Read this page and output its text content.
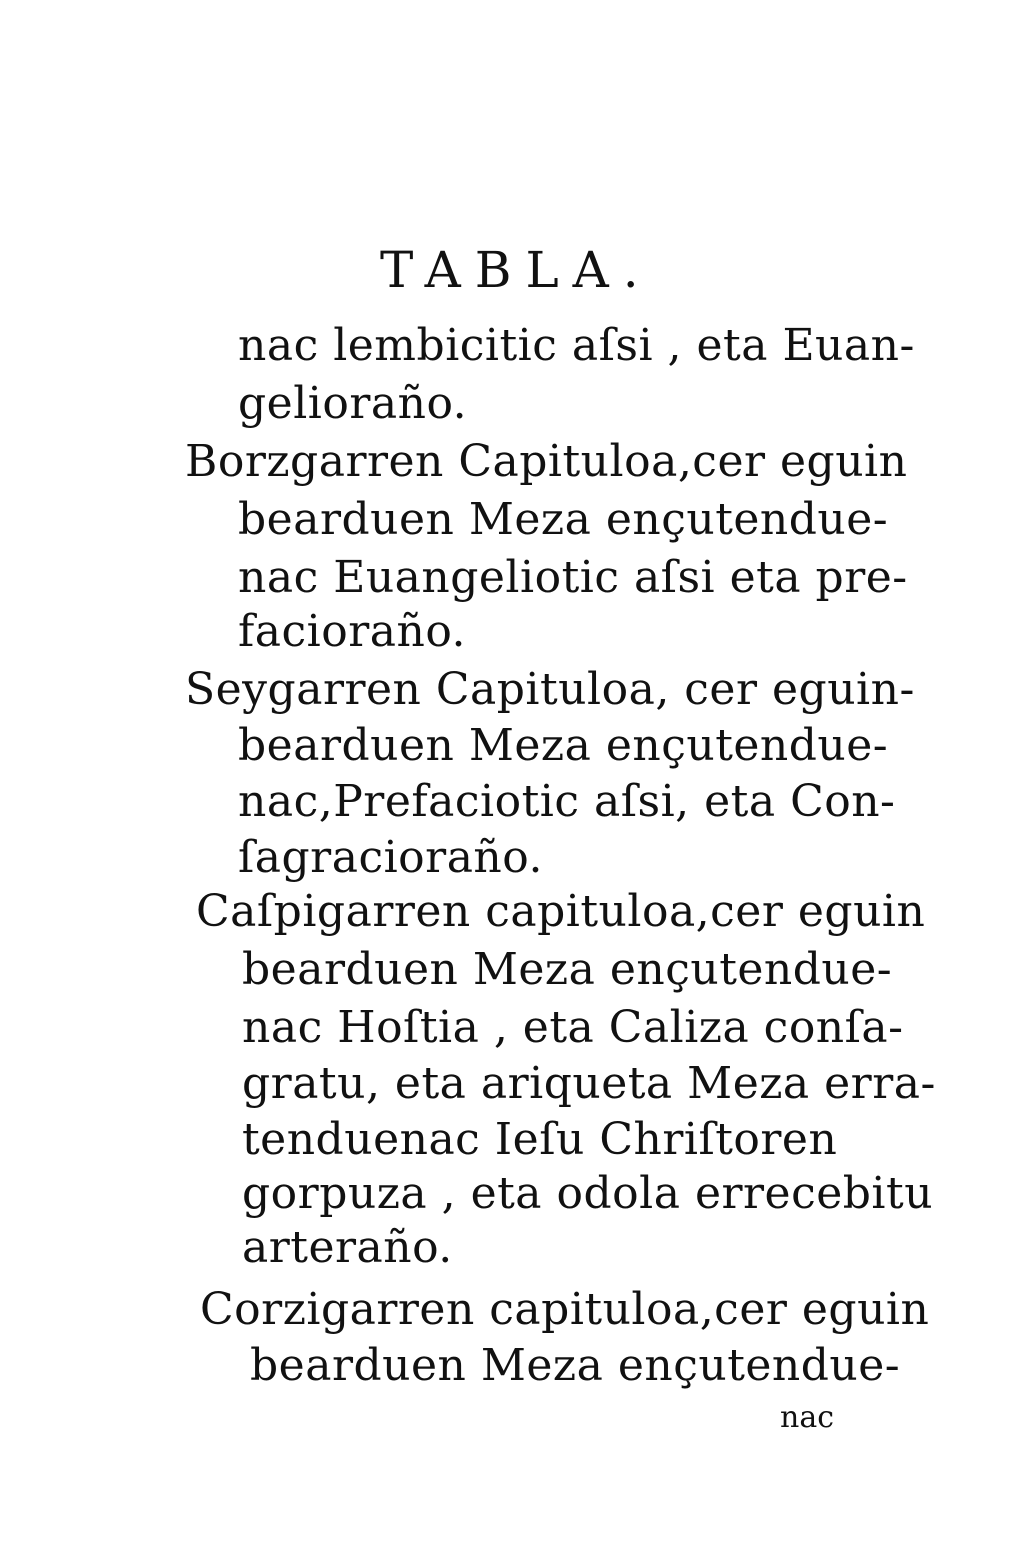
TABLA.
nac lembicitic aſsi , eta Euan-
gelioraño.
Borzgarren Capituloa,cer eguin
bearduen Meza ençutendue-
nac Euangeliotic aſsi eta pre-
facioraño.
Seygarren Capituloa, cer eguin-
bearduen Meza ençutendue-
nac,Prefaciotic aſsi, eta Con-
ſagracioraño.
Caſpigarren capituloa,cer eguin
bearduen Meza ençutendue-
nac Hoſtia , eta Caliza conſa-
gratu, eta ariqueta Meza erra-
tenduenac Ieſu Chriſtoren
gorpuza , eta odola errecebitu
arteraño.
Corzigarren capituloa,cer eguin
bearduen Meza ençutendue-
nac
